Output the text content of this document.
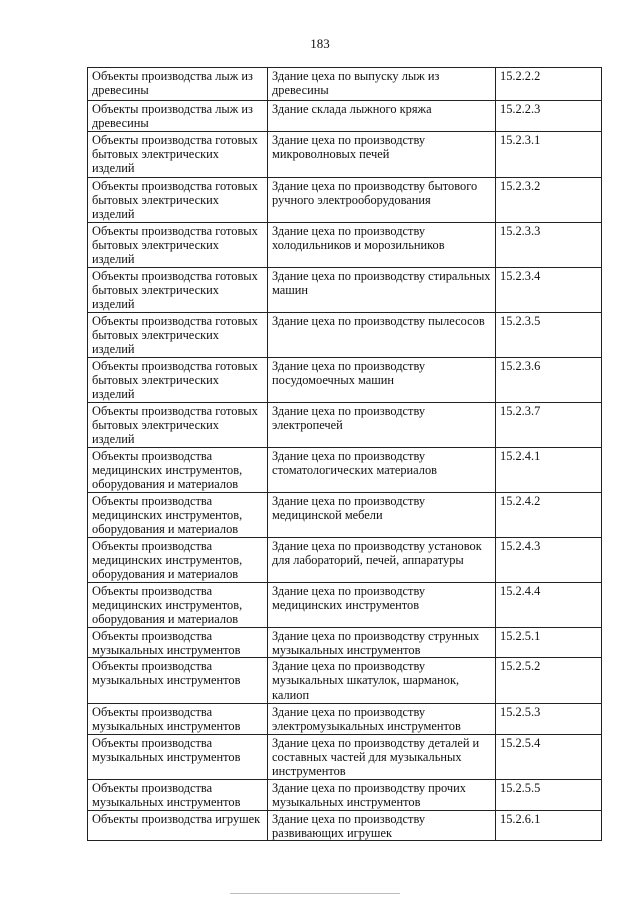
183
Объекты производства лыж из древесины	Здание цеха по выпуску лыж из древесины	15.2.2.2
Объекты производства лыж из древесины	Здание склада лыжного кряжа	15.2.2.3
Объекты производства готовых бытовых электрических изделий	Здание цеха по производству микроволновых печей	15.2.3.1
Объекты производства готовых бытовых электрических изделий	Здание цеха по производству бытового ручного электрооборудования	15.2.3.2
Объекты производства готовых бытовых электрических изделий	Здание цеха по производству холодильников и морозильников	15.2.3.3
Объекты производства готовых бытовых электрических изделий	Здание цеха по производству стиральных машин	15.2.3.4
Объекты производства готовых бытовых электрических изделий	Здание цеха по производству пылесосов	15.2.3.5
Объекты производства готовых бытовых электрических изделий	Здание цеха по производству посудомоечных машин	15.2.3.6
Объекты производства готовых бытовых электрических изделий	Здание цеха по производству электропечей	15.2.3.7
Объекты производства медицинских инструментов, оборудования и материалов	Здание цеха по производству стоматологических материалов	15.2.4.1
Объекты производства медицинских инструментов, оборудования и материалов	Здание цеха по производству медицинской мебели	15.2.4.2
Объекты производства медицинских инструментов, оборудования и материалов	Здание цеха по производству установок для лабораторий, печей, аппаратуры	15.2.4.3
Объекты производства медицинских инструментов, оборудования и материалов	Здание цеха по производству медицинских инструментов	15.2.4.4
Объекты производства музыкальных инструментов	Здание цеха по производству струнных музыкальных инструментов	15.2.5.1
Объекты производства музыкальных инструментов	Здание цеха по производству музыкальных шкатулок, шарманок, калиоп	15.2.5.2
Объекты производства музыкальных инструментов	Здание цеха по производству электромузыкальных инструментов	15.2.5.3
Объекты производства музыкальных инструментов	Здание цеха по производству деталей и составных частей для музыкальных инструментов	15.2.5.4
Объекты производства музыкальных инструментов	Здание цеха по производству прочих музыкальных инструментов	15.2.5.5
Объекты производства игрушек	Здание цеха по производству развивающих игрушек	15.2.6.1
